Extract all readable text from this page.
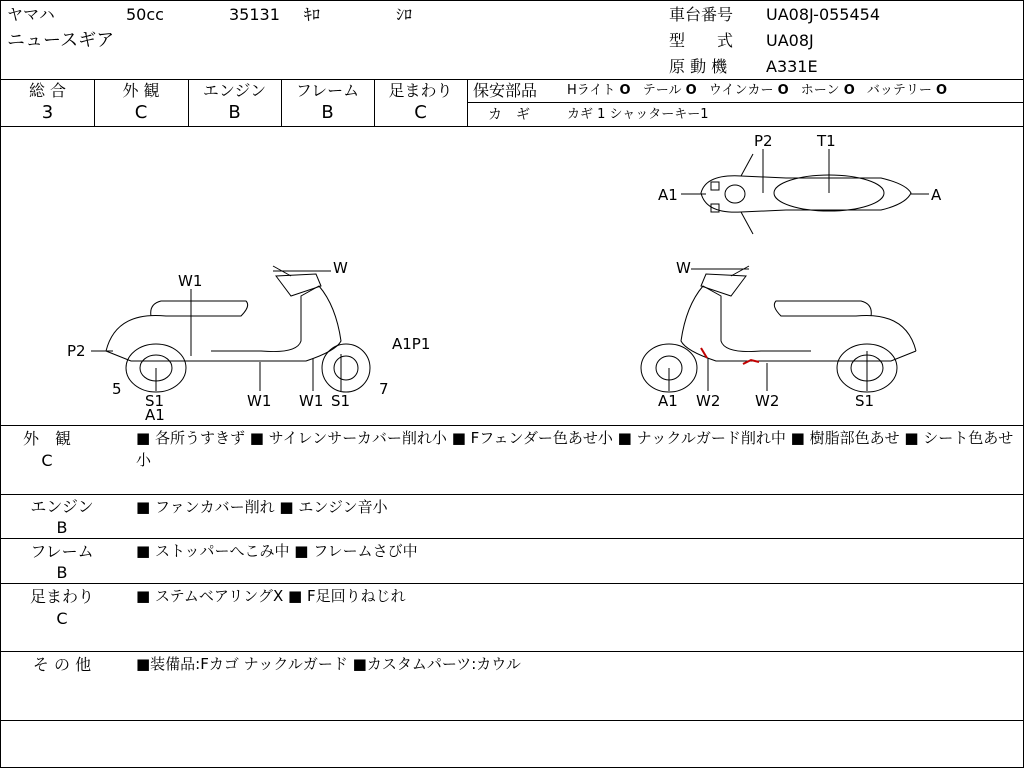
ヤマハ	50cc	35131 ｷﾛ	ｼﾛ
ニュースギア
車台番号 UA08J-055454
型　　式 UA08J
原 動 機 A331E
総 合	外 観	エンジン	フレーム	足まわり
3	C	B	B	C
保安部品 Hライト O テール O ウインカー O ホーン O バッテリー O
カ　ギ	カギ 1 シャッターキー1
P2	T1
A1	A
W1
W
P2	A1P1
5	7
S1
A1
W1 W1 S1
W
A1 W2 W2	S1
外　観
C
■ 各所うすきず ■ サイレンサーカバー削れ小 ■ Fフェンダー色あせ小 ■ ナックルガード削れ中 ■ 樹脂部色あせ ■ シート色あせ小
エンジン
B
■ ファンカバー削れ ■ エンジン音小
フレーム
B
■ ストッパーへこみ中 ■ フレームさび中
足まわり
C
■ ステムベアリングX ■ F足回りねじれ
そ の 他	■装備品:Fカゴ ナックルガード ■カスタムパーツ:カウル
